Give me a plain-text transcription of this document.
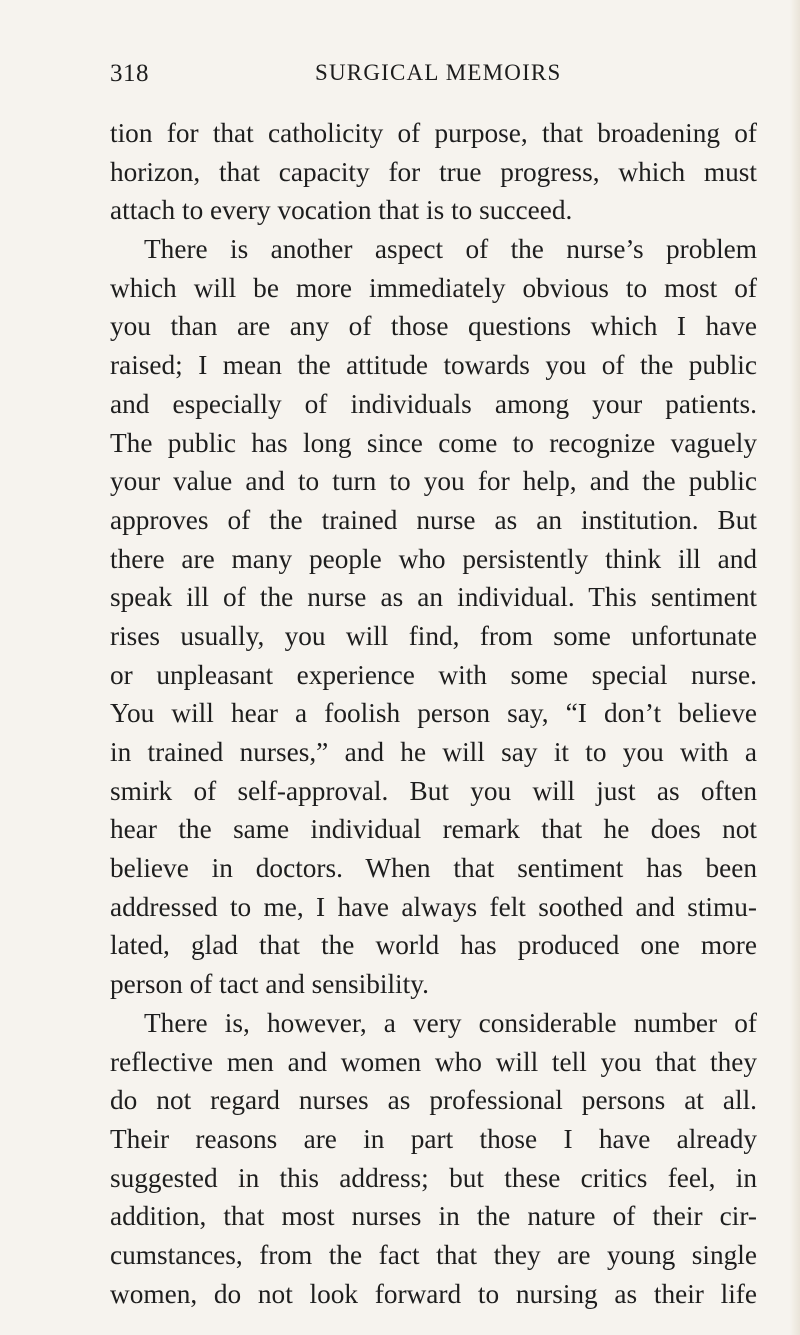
318	SURGICAL MEMOIRS
tion for that catholicity of purpose, that broadening of
horizon, that capacity for true progress, which must
attach to every vocation that is to succeed.
There is another aspect of the nurse’s problem
which will be more immediately obvious to most of
you than are any of those questions which I have
raised; I mean the attitude towards you of the public
and especially of individuals among your patients.
The public has long since come to recognize vaguely
your value and to turn to you for help, and the public
approves of the trained nurse as an institution. But
there are many people who persistently think ill and
speak ill of the nurse as an individual. This sentiment
rises usually, you will find, from some unfortunate
or unpleasant experience with some special nurse.
You will hear a foolish person say, “I don’t believe
in trained nurses,” and he will say it to you with a
smirk of self-approval. But you will just as often
hear the same individual remark that he does not
believe in doctors. When that sentiment has been
addressed to me, I have always felt soothed and stimu-
lated, glad that the world has produced one more
person of tact and sensibility.
There is, however, a very considerable number of
reflective men and women who will tell you that they
do not regard nurses as professional persons at all.
Their reasons are in part those I have already
suggested in this address; but these critics feel, in
addition, that most nurses in the nature of their cir-
cumstances, from the fact that they are young single
women, do not look forward to nursing as their life
